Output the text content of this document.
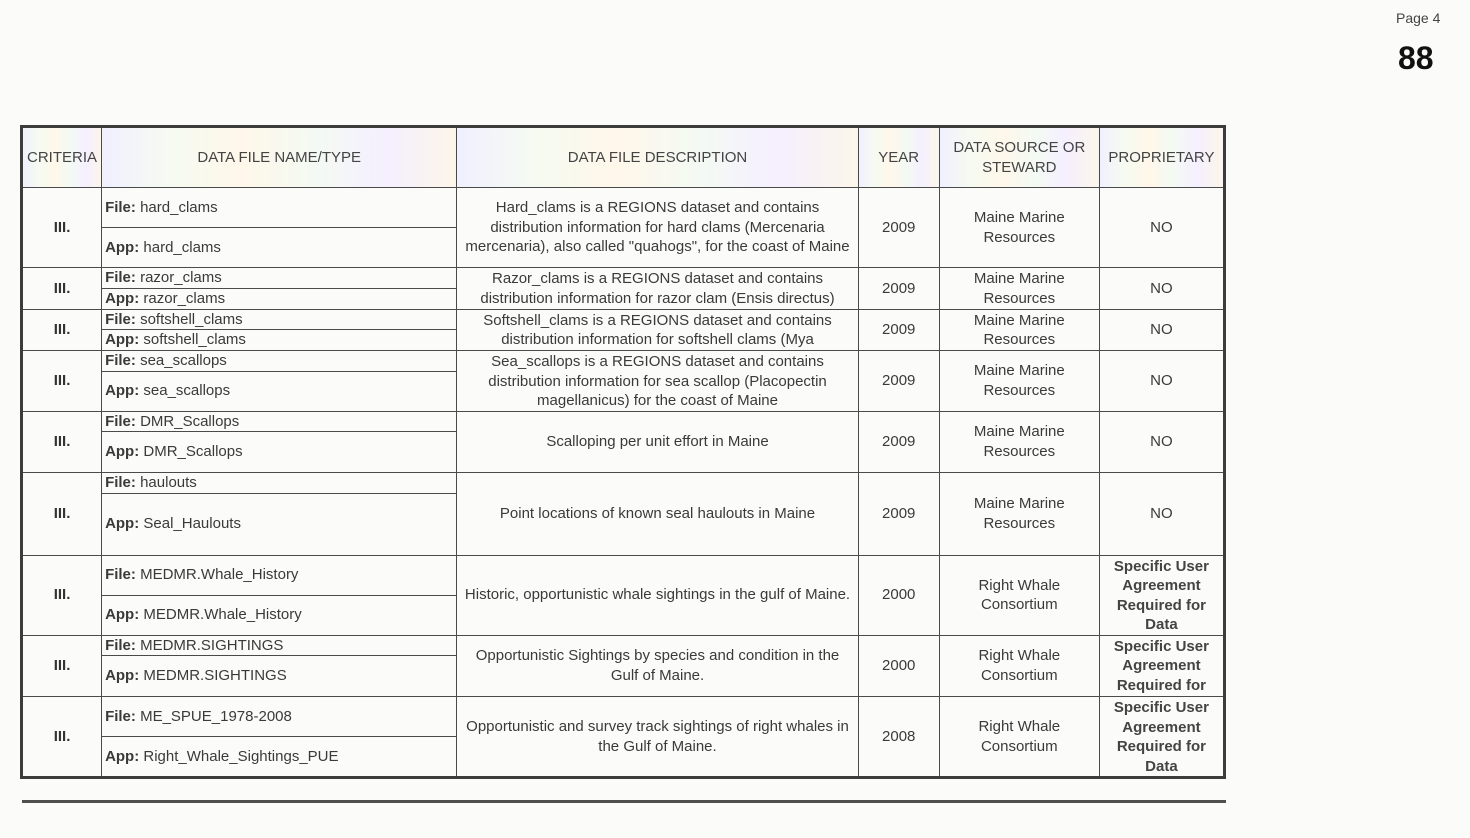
Page 4
88
CRITERIA	DATA FILE NAME/TYPE	DATA FILE DESCRIPTION	YEAR	DATA SOURCE OR STEWARD	PROPRIETARY
III.	File: hard_clams	Hard_clams is a REGIONS dataset and contains distribution information for hard clams (Mercenaria mercenaria), also called "quahogs", for the coast of Maine	2009	Maine Marine Resources	NO

	App: hard_clams				
III.	File: razor_clams	Razor_clams is a REGIONS dataset and contains distribution information for razor clam (Ensis directus)	2009	Maine Marine Resources	NO

	App: razor_clams				
III.	File: softshell_clams	Softshell_clams is a REGIONS dataset and contains distribution information for softshell clams (Mya	2009	Maine Marine Resources	NO

	App: softshell_clams				
III.	File: sea_scallops	Sea_scallops is a REGIONS dataset and contains distribution information for sea scallop (Placopectin magellanicus) for the coast of Maine	2009	Maine Marine Resources	NO

	App: sea_scallops				
III.	File: DMR_Scallops	Scalloping per unit effort in Maine	2009	Maine Marine Resources	NO

	App: DMR_Scallops				
III.	File: haulouts	Point locations of known seal haulouts in Maine	2009	Maine Marine Resources	NO

	App: Seal_Haulouts				
III.	File: MEDMR.Whale_History	Historic, opportunistic whale sightings in the gulf of Maine.	2000	Right Whale Consortium	Specific User Agreement Required for Data

	App: MEDMR.Whale_History				
III.	File: MEDMR.SIGHTINGS	Opportunistic Sightings by species and condition in the Gulf of Maine.	2000	Right Whale Consortium	Specific User Agreement Required for

	App: MEDMR.SIGHTINGS				
III.	File: ME_SPUE_1978-2008	Opportunistic and survey track sightings of right whales in the Gulf of Maine.	2008	Right Whale Consortium	Specific User Agreement Required for Data

	App: Right_Whale_Sightings_PUE				
